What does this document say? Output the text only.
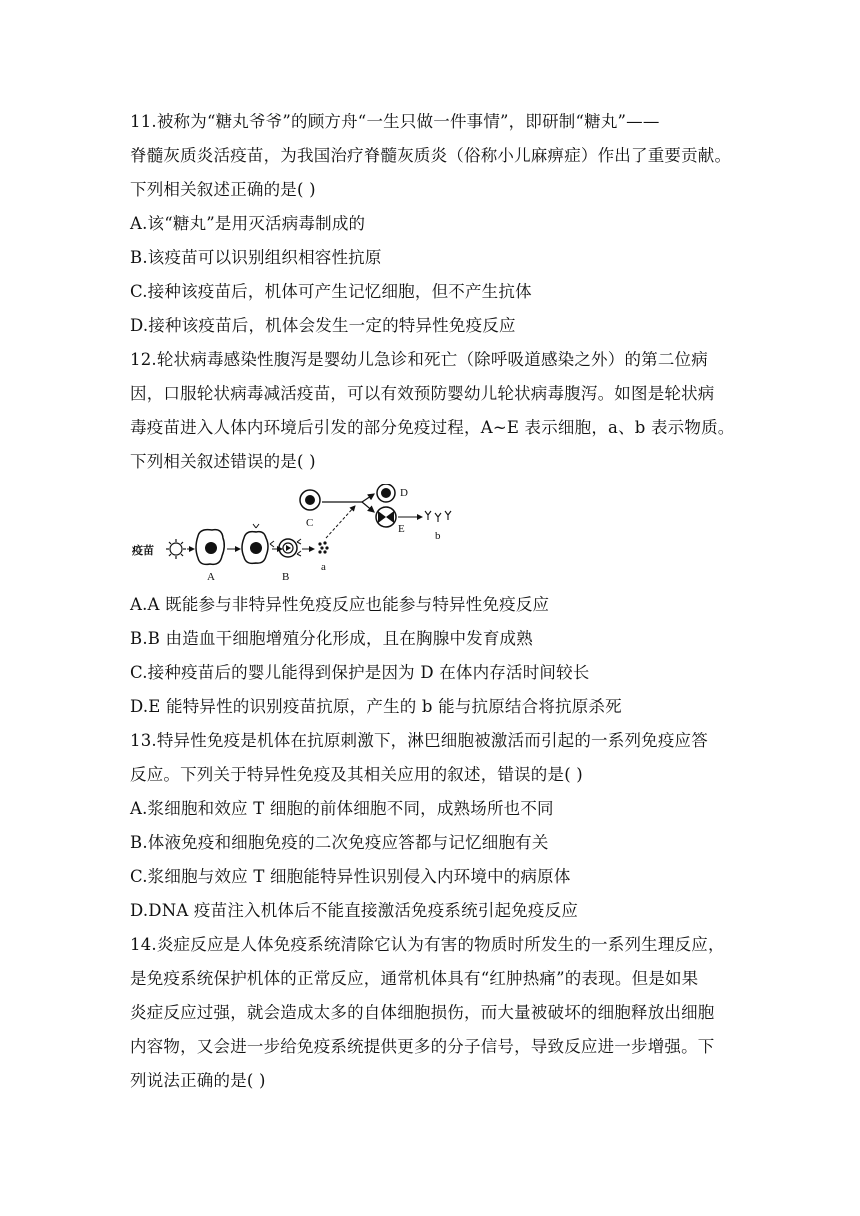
11.被称为“糖丸爷爷”的顾方舟“一生只做一件事情”，即研制“糖丸”——
脊髓灰质炎活疫苗，为我国治疗脊髓灰质炎（俗称小儿麻痹症）作出了重要贡献。
下列相关叙述正确的是( )
A.该“糖丸”是用灭活病毒制成的
B.该疫苗可以识别组织相容性抗原
C.接种该疫苗后，机体可产生记忆细胞，但不产生抗体
D.接种该疫苗后，机体会发生一定的特异性免疫反应
12.轮状病毒感染性腹泻是婴幼儿急诊和死亡（除呼吸道感染之外）的第二位病
因，口服轮状病毒减活疫苗，可以有效预防婴幼儿轮状病毒腹泻。如图是轮状病
毒疫苗进入人体内环境后引发的部分免疫过程，A~E 表示细胞，a、b 表示物质。
下列相关叙述错误的是( )
疫苗
A	B
a
C
D
E
b
A.A 既能参与非特异性免疫反应也能参与特异性免疫反应
B.B 由造血干细胞增殖分化形成，且在胸腺中发育成熟
C.接种疫苗后的婴儿能得到保护是因为 D 在体内存活时间较长
D.E 能特异性的识别疫苗抗原，产生的 b 能与抗原结合将抗原杀死
13.特异性免疫是机体在抗原刺激下，淋巴细胞被激活而引起的一系列免疫应答
反应。下列关于特异性免疫及其相关应用的叙述，错误的是( )
A.浆细胞和效应 T 细胞的前体细胞不同，成熟场所也不同
B.体液免疫和细胞免疫的二次免疫应答都与记忆细胞有关
C.浆细胞与效应 T 细胞能特异性识别侵入内环境中的病原体
D.DNA 疫苗注入机体后不能直接激活免疫系统引起免疫反应
14.炎症反应是人体免疫系统清除它认为有害的物质时所发生的一系列生理反应，
是免疫系统保护机体的正常反应，通常机体具有“红肿热痛”的表现。但是如果
炎症反应过强，就会造成太多的自体细胞损伤，而大量被破坏的细胞释放出细胞
内容物，又会进一步给免疫系统提供更多的分子信号，导致反应进一步增强。下
列说法正确的是( )
